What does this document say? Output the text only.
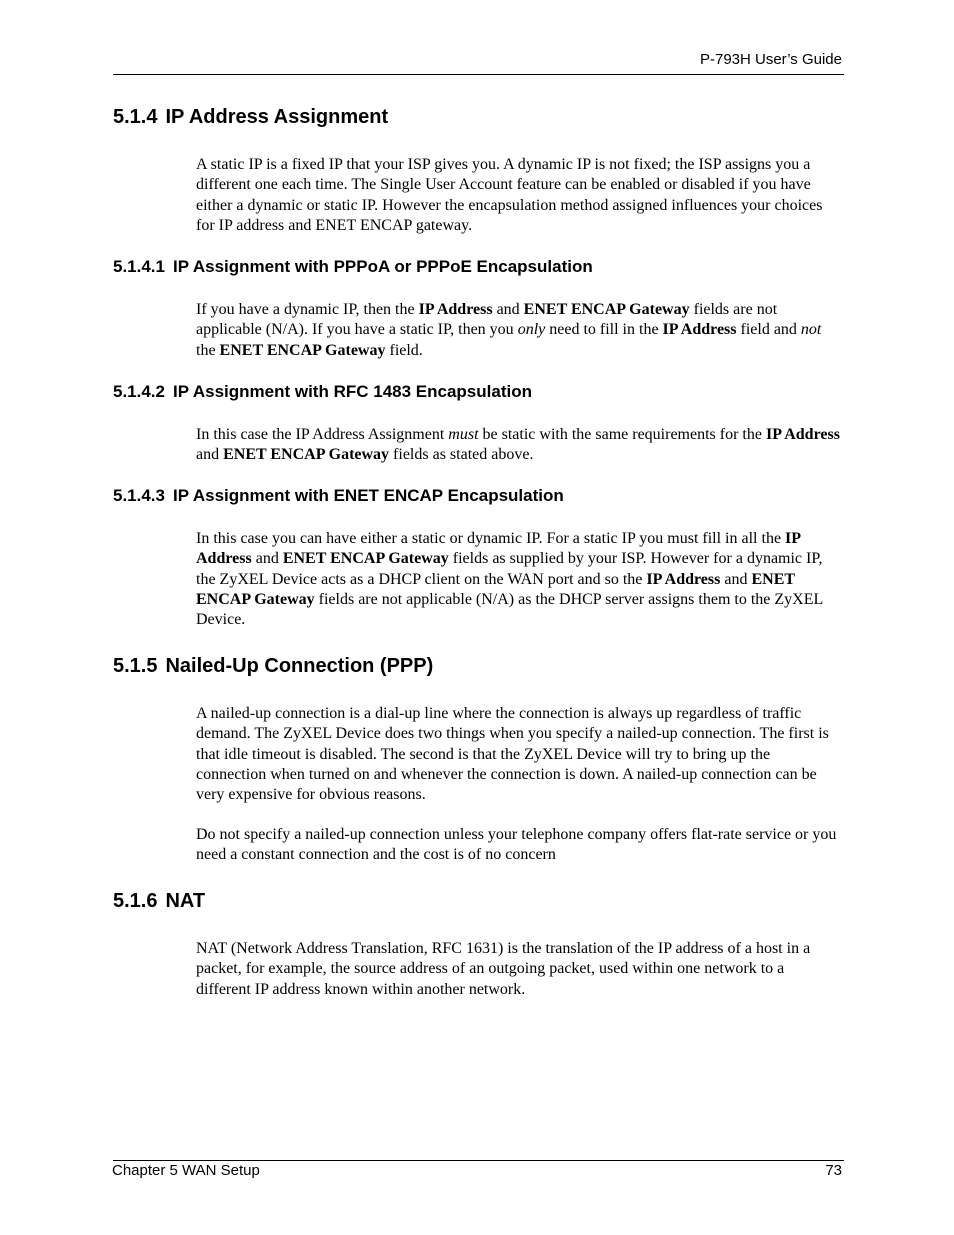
P-793H User’s Guide
5.1.4 IP Address Assignment

A static IP is a fixed IP that your ISP gives you. A dynamic IP is not fixed; the ISP assigns you a different one each time. The Single User Account feature can be enabled or disabled if you have either a dynamic or static IP. However the encapsulation method assigned influences your choices for IP address and ENET ENCAP gateway.

5.1.4.1 IP Assignment with PPPoA or PPPoE Encapsulation

If you have a dynamic IP, then the IP Address and ENET ENCAP Gateway fields are not applicable (N/A). If you have a static IP, then you only need to fill in the IP Address field and not the ENET ENCAP Gateway field.

5.1.4.2 IP Assignment with RFC 1483 Encapsulation

In this case the IP Address Assignment must be static with the same requirements for the IP Address and ENET ENCAP Gateway fields as stated above.

5.1.4.3 IP Assignment with ENET ENCAP Encapsulation

In this case you can have either a static or dynamic IP. For a static IP you must fill in all the IP Address and ENET ENCAP Gateway fields as supplied by your ISP. However for a dynamic IP, the ZyXEL Device acts as a DHCP client on the WAN port and so the IP Address and ENET ENCAP Gateway fields are not applicable (N/A) as the DHCP server assigns them to the ZyXEL Device.

5.1.5 Nailed-Up Connection (PPP)

A nailed-up connection is a dial-up line where the connection is always up regardless of traffic demand. The ZyXEL Device does two things when you specify a nailed-up connection. The first is that idle timeout is disabled. The second is that the ZyXEL Device will try to bring up the connection when turned on and whenever the connection is down. A nailed-up connection can be very expensive for obvious reasons.

Do not specify a nailed-up connection unless your telephone company offers flat-rate service or you need a constant connection and the cost is of no concern

5.1.6 NAT

NAT (Network Address Translation, RFC 1631) is the translation of the IP address of a host in a packet, for example, the source address of an outgoing packet, used within one network to a different IP address known within another network.

Chapter 5 WAN Setup	73
